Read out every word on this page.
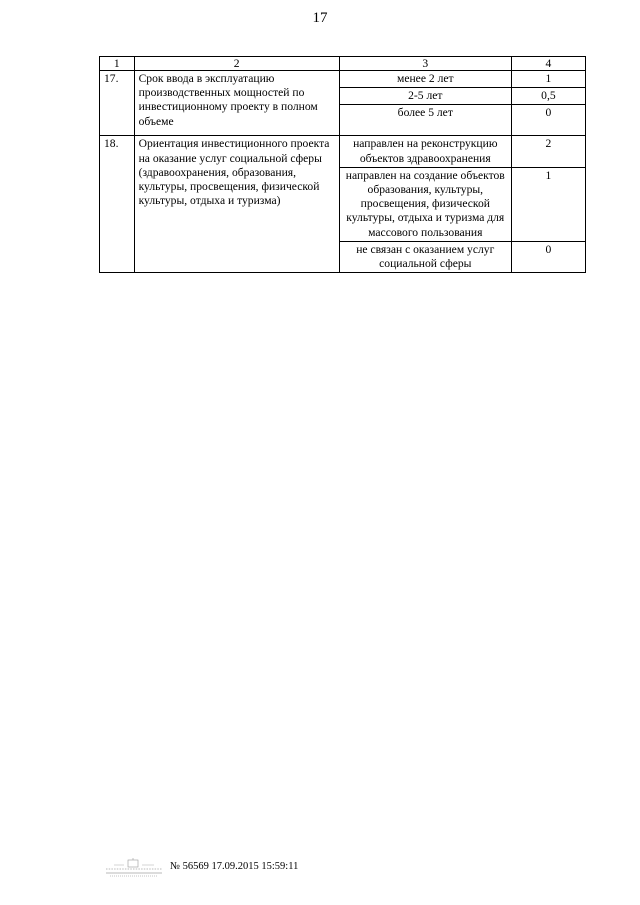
17
1	2	3	4
17.	Срок ввода в эксплуатацию производственных мощностей по инвестиционному проекту в полном объеме	менее 2 лет	1
		2-5 лет	0,5
		более 5 лет	0
18.	Ориентация инвестиционного проекта на оказание услуг социальной сферы (здравоохранения, образования, культуры, просвещения, физической культуры, отдыха и туризма)	направлен на реконструкцию объектов здравоохранения	2
		направлен на создание объектов образования, культуры, просвещения, физической культуры, отдыха и туризма для массового пользования	1
		не связан с оказанием услуг социальной сферы	0
№ 56569 17.09.2015 15:59:11
